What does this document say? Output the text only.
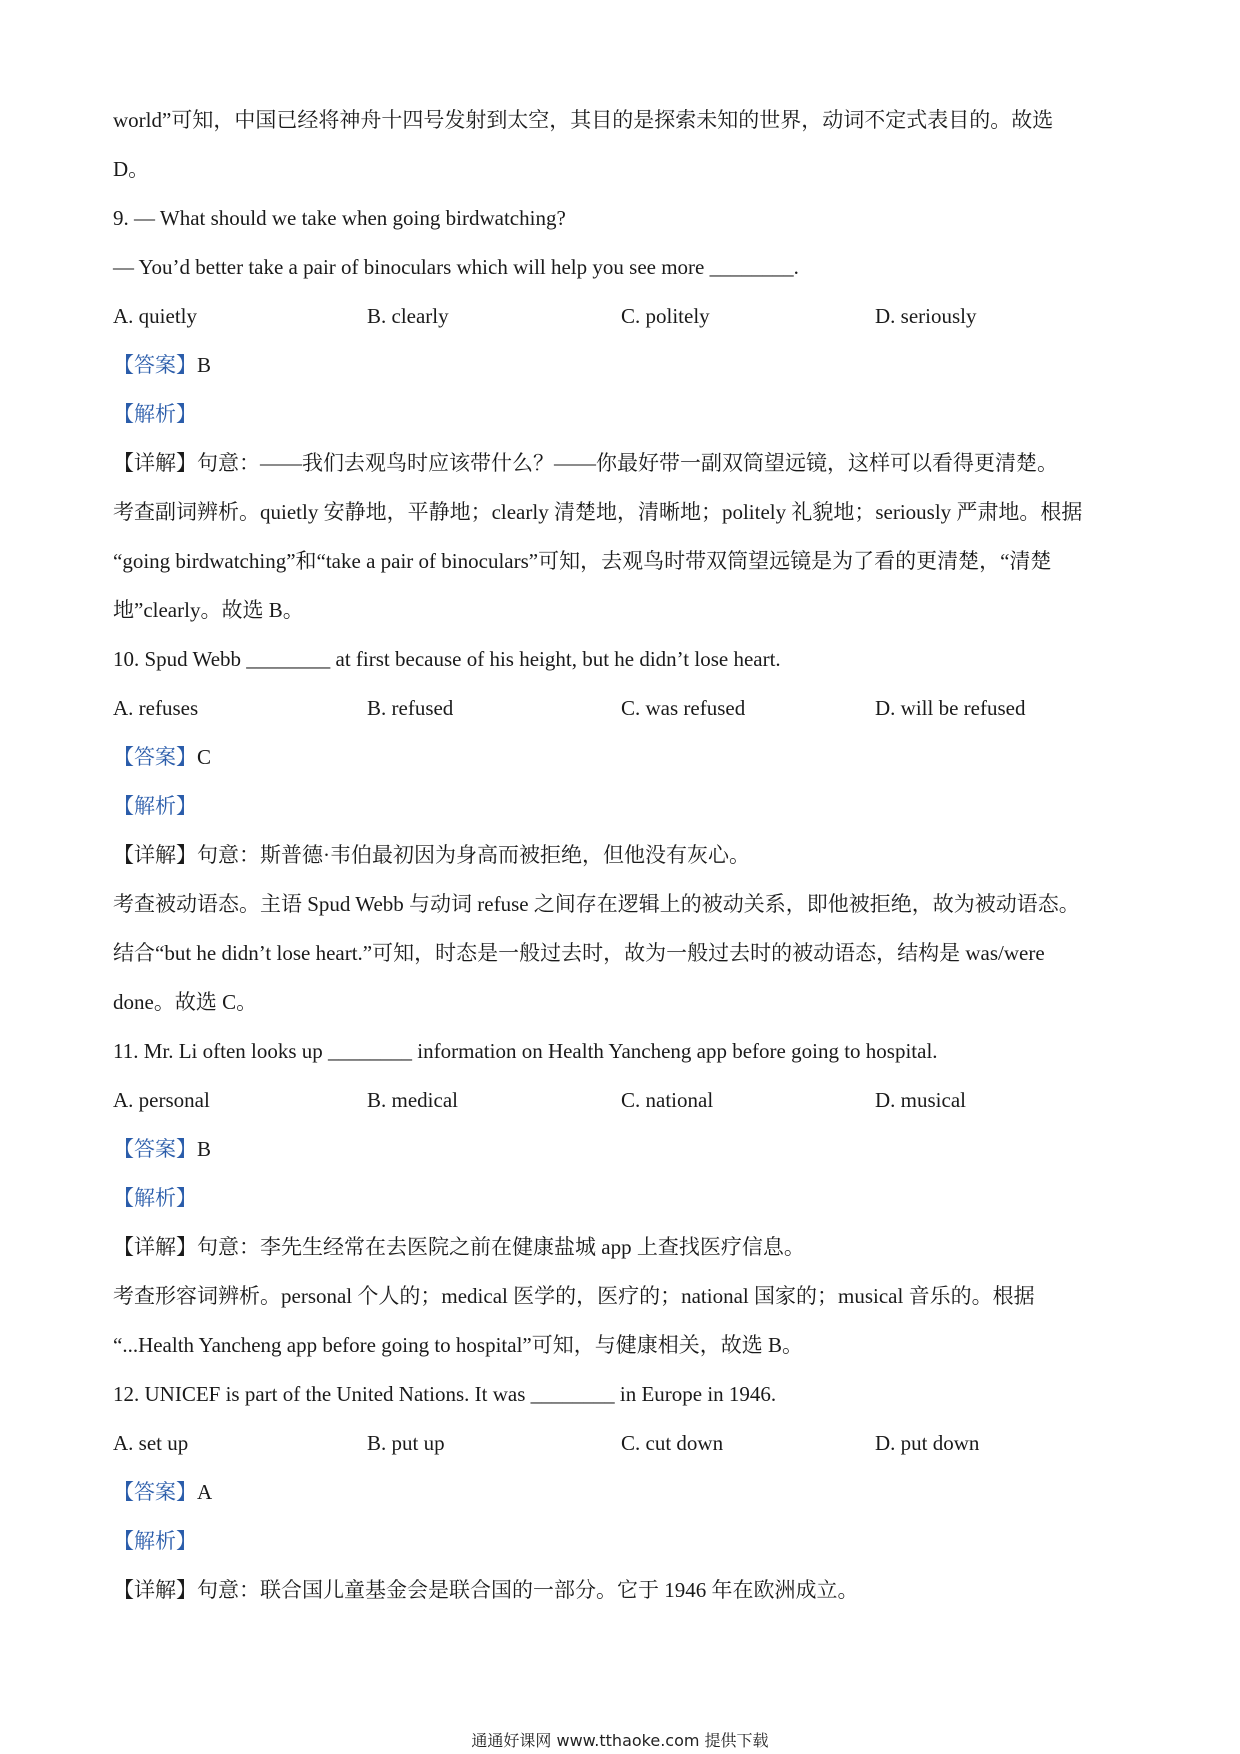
world”可知，中国已经将神舟十四号发射到太空，其目的是探索未知的世界，动词不定式表目的。故选
D。
9. — What should we take when going birdwatching?
— You’d better take a pair of binoculars which will help you see more ________.
A. quietly	B. clearly	C. politely	D. seriously
【答案】B
【解析】
【详解】句意：——我们去观鸟时应该带什么？——你最好带一副双筒望远镜，这样可以看得更清楚。
考查副词辨析。quietly 安静地，平静地；clearly 清楚地，清晰地；politely 礼貌地；seriously 严肃地。根据
“going birdwatching”和“take a pair of binoculars”可知，去观鸟时带双筒望远镜是为了看的更清楚，“清楚
地”clearly。故选 B。
10. Spud Webb ________ at first because of his height, but he didn’t lose heart.
A. refuses	B. refused	C. was refused	D. will be refused
【答案】C
【解析】
【详解】句意：斯普德·韦伯最初因为身高而被拒绝，但他没有灰心。
考查被动语态。主语 Spud Webb 与动词 refuse 之间存在逻辑上的被动关系，即他被拒绝，故为被动语态。
结合“but he didn’t lose heart.”可知，时态是一般过去时，故为一般过去时的被动语态，结构是 was/were
done。故选 C。
11. Mr. Li often looks up ________ information on Health Yancheng app before going to hospital.
A. personal	B. medical	C. national	D. musical
【答案】B
【解析】
【详解】句意：李先生经常在去医院之前在健康盐城 app 上查找医疗信息。
考查形容词辨析。personal 个人的；medical 医学的，医疗的；national 国家的；musical 音乐的。根据
“...Health Yancheng app before going to hospital”可知，与健康相关，故选 B。
12. UNICEF is part of the United Nations. It was ________ in Europe in 1946.
A. set up	B. put up	C. cut down	D. put down
【答案】A
【解析】
【详解】句意：联合国儿童基金会是联合国的一部分。它于 1946 年在欧洲成立。
通通好课网 www.tthaoke.com 提供下载
